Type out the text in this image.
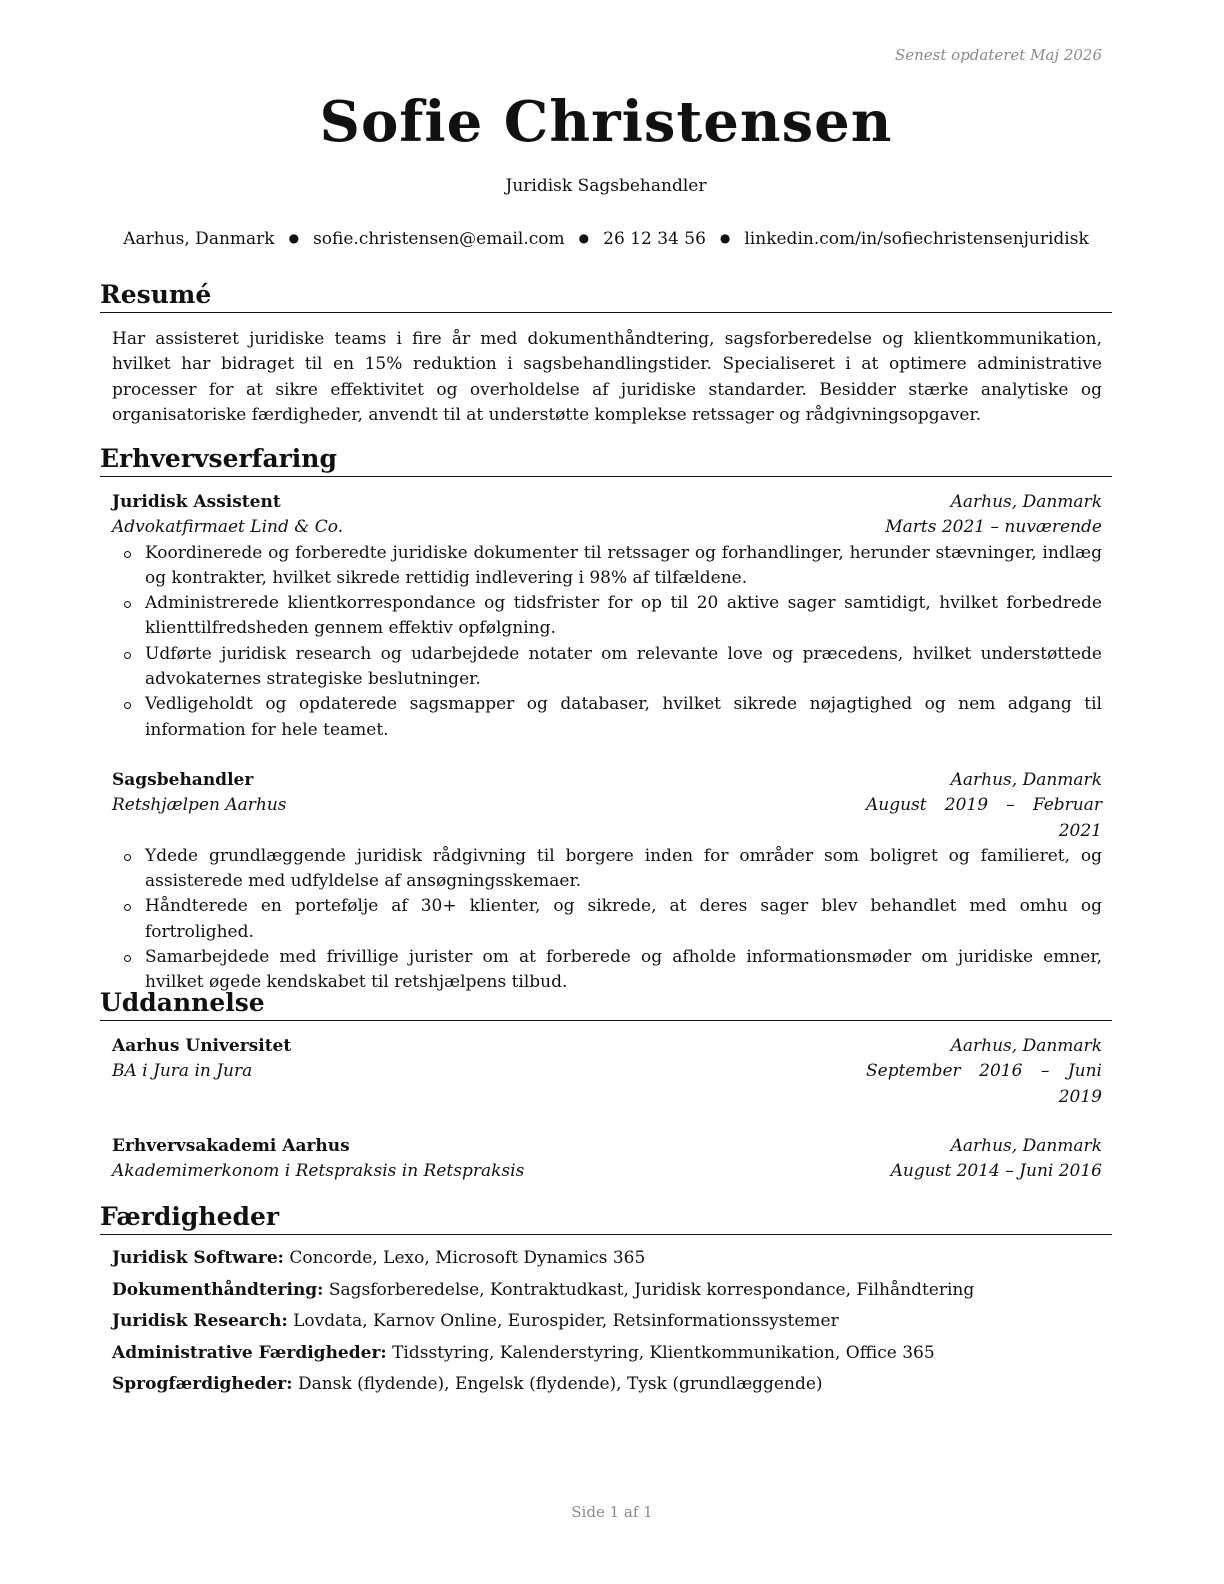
Senest opdateret Maj 2026
Sofie Christensen
Juridisk Sagsbehandler
Aarhus, Danmark ● sofie.christensen@email.com ● 26 12 34 56 ● linkedin.com/in/sofiechristensenjuridisk
Resumé
Har assisteret juridiske teams i fire år med dokumenthåndtering, sagsforberedelse og klientkommunikation, hvilket har bidraget til en 15% reduktion i sagsbehandlingstider. Specialiseret i at optimere administrative processer for at sikre effektivitet og overholdelse af juridiske standarder. Besidder stærke analytiske og organisatoriske færdigheder, anvendt til at understøtte komplekse retssager og rådgivningsopgaver.
Erhvervserfaring
Juridisk Assistent	Aarhus, Danmark
Advokatfirmaet Lind & Co.	Marts 2021 – nuværende
Koordinerede og forberedte juridiske dokumenter til retssager og forhandlinger, herunder stævninger, indlæg og kontrakter, hvilket sikrede rettidig indlevering i 98% af tilfældene.
Administrerede klientkorrespondance og tidsfrister for op til 20 aktive sager samtidigt, hvilket forbedrede klienttilfredsheden gennem effektiv opfølgning.
Udførte juridisk research og udarbejdede notater om relevante love og præcedens, hvilket understøttede advokaternes strategiske beslutninger.
Vedligeholdt og opdaterede sagsmapper og databaser, hvilket sikrede nøjagtighed og nem adgang til information for hele teamet.
Sagsbehandler	Aarhus, Danmark
Retshjælpen Aarhus	August 2019 – Februar 2021
Ydede grundlæggende juridisk rådgivning til borgere inden for områder som boligret og familieret, og assisterede med udfyldelse af ansøgningsskemaer.
Håndterede en portefølje af 30+ klienter, og sikrede, at deres sager blev behandlet med omhu og fortrolighed.
Samarbejdede med frivillige jurister om at forberede og afholde informationsmøder om juridiske emner, hvilket øgede kendskabet til retshjælpens tilbud.
Uddannelse
Aarhus Universitet	Aarhus, Danmark
BA i Jura in Jura	September 2016 – Juni 2019
Erhvervsakademi Aarhus	Aarhus, Danmark
Akademimerkonom i Retspraksis in Retspraksis	August 2014 – Juni 2016
Færdigheder
Juridisk Software: Concorde, Lexo, Microsoft Dynamics 365
Dokumenthåndtering: Sagsforberedelse, Kontraktudkast, Juridisk korrespondance, Filhåndtering
Juridisk Research: Lovdata, Karnov Online, Eurospider, Retsinformationssystemer
Administrative Færdigheder: Tidsstyring, Kalenderstyring, Klientkommunikation, Office 365
Sprogfærdigheder: Dansk (flydende), Engelsk (flydende), Tysk (grundlæggende)
Side 1 af 1
